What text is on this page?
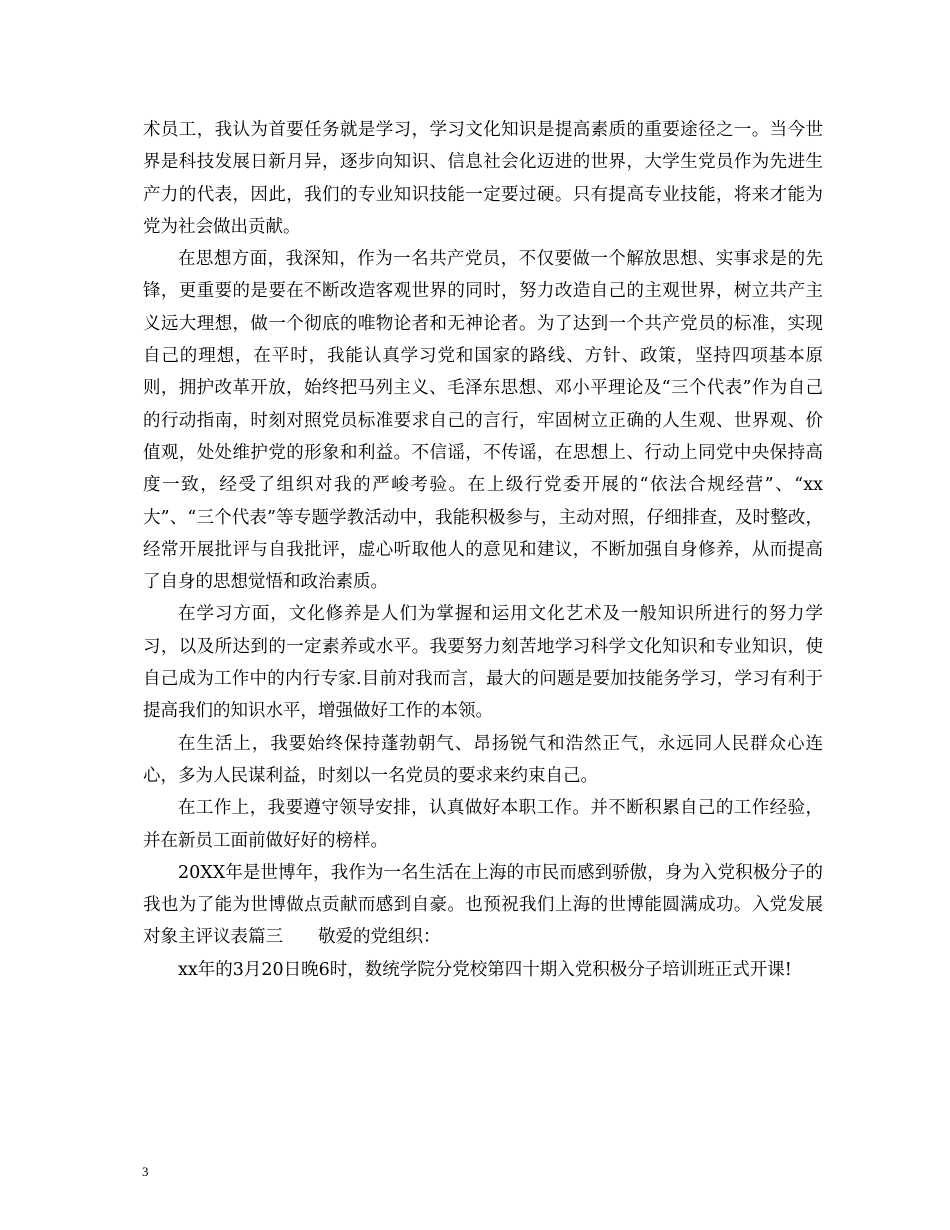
术员工，我认为首要任务就是学习，学习文化知识是提高素质的重要途径之一。当今世界是科技发展日新月异，逐步向知识、信息社会化迈进的世界，大学生党员作为先进生产力的代表，因此，我们的专业知识技能一定要过硬。只有提高专业技能，将来才能为党为社会做出贡献。

在思想方面，我深知，作为一名共产党员，不仅要做一个解放思想、实事求是的先锋，更重要的是要在不断改造客观世界的同时，努力改造自己的主观世界，树立共产主义远大理想，做一个彻底的唯物论者和无神论者。为了达到一个共产党员的标准，实现自己的理想，在平时，我能认真学习党和国家的路线、方针、政策，坚持四项基本原则，拥护改革开放，始终把马列主义、毛泽东思想、邓小平理论及“三个代表”作为自己的行动指南，时刻对照党员标准要求自己的言行，牢固树立正确的人生观、世界观、价值观，处处维护党的形象和利益。不信谣，不传谣，在思想上、行动上同党中央保持高度一致，经受了组织对我的严峻考验。在上级行党委开展的“依法合规经营”、“xx大”、“三个代表”等专题学教活动中，我能积极参与，主动对照，仔细排查，及时整改，经常开展批评与自我批评，虚心听取他人的意见和建议，不断加强自身修养，从而提高了自身的思想觉悟和政治素质。

在学习方面，文化修养是人们为掌握和运用文化艺术及一般知识所进行的努力学习，以及所达到的一定素养或水平。我要努力刻苦地学习科学文化知识和专业知识，使自己成为工作中的内行专家.目前对我而言，最大的问题是要加技能务学习，学习有利于提高我们的知识水平，增强做好工作的本领。

在生活上，我要始终保持蓬勃朝气、昂扬锐气和浩然正气，永远同人民群众心连心，多为人民谋利益，时刻以一名党员的要求来约束自己。

在工作上，我要遵守领导安排，认真做好本职工作。并不断积累自己的工作经验，并在新员工面前做好好的榜样。

20XX年是世博年，我作为一名生活在上海的市民而感到骄傲，身为入党积极分子的我也为了能为世博做点贡献而感到自豪。也预祝我们上海的世博能圆满成功。入党发展对象主评议表篇三　　敬爱的党组织：

xx年的3月20日晚6时，数统学院分党校第四十期入党积极分子培训班正式开课!

3
